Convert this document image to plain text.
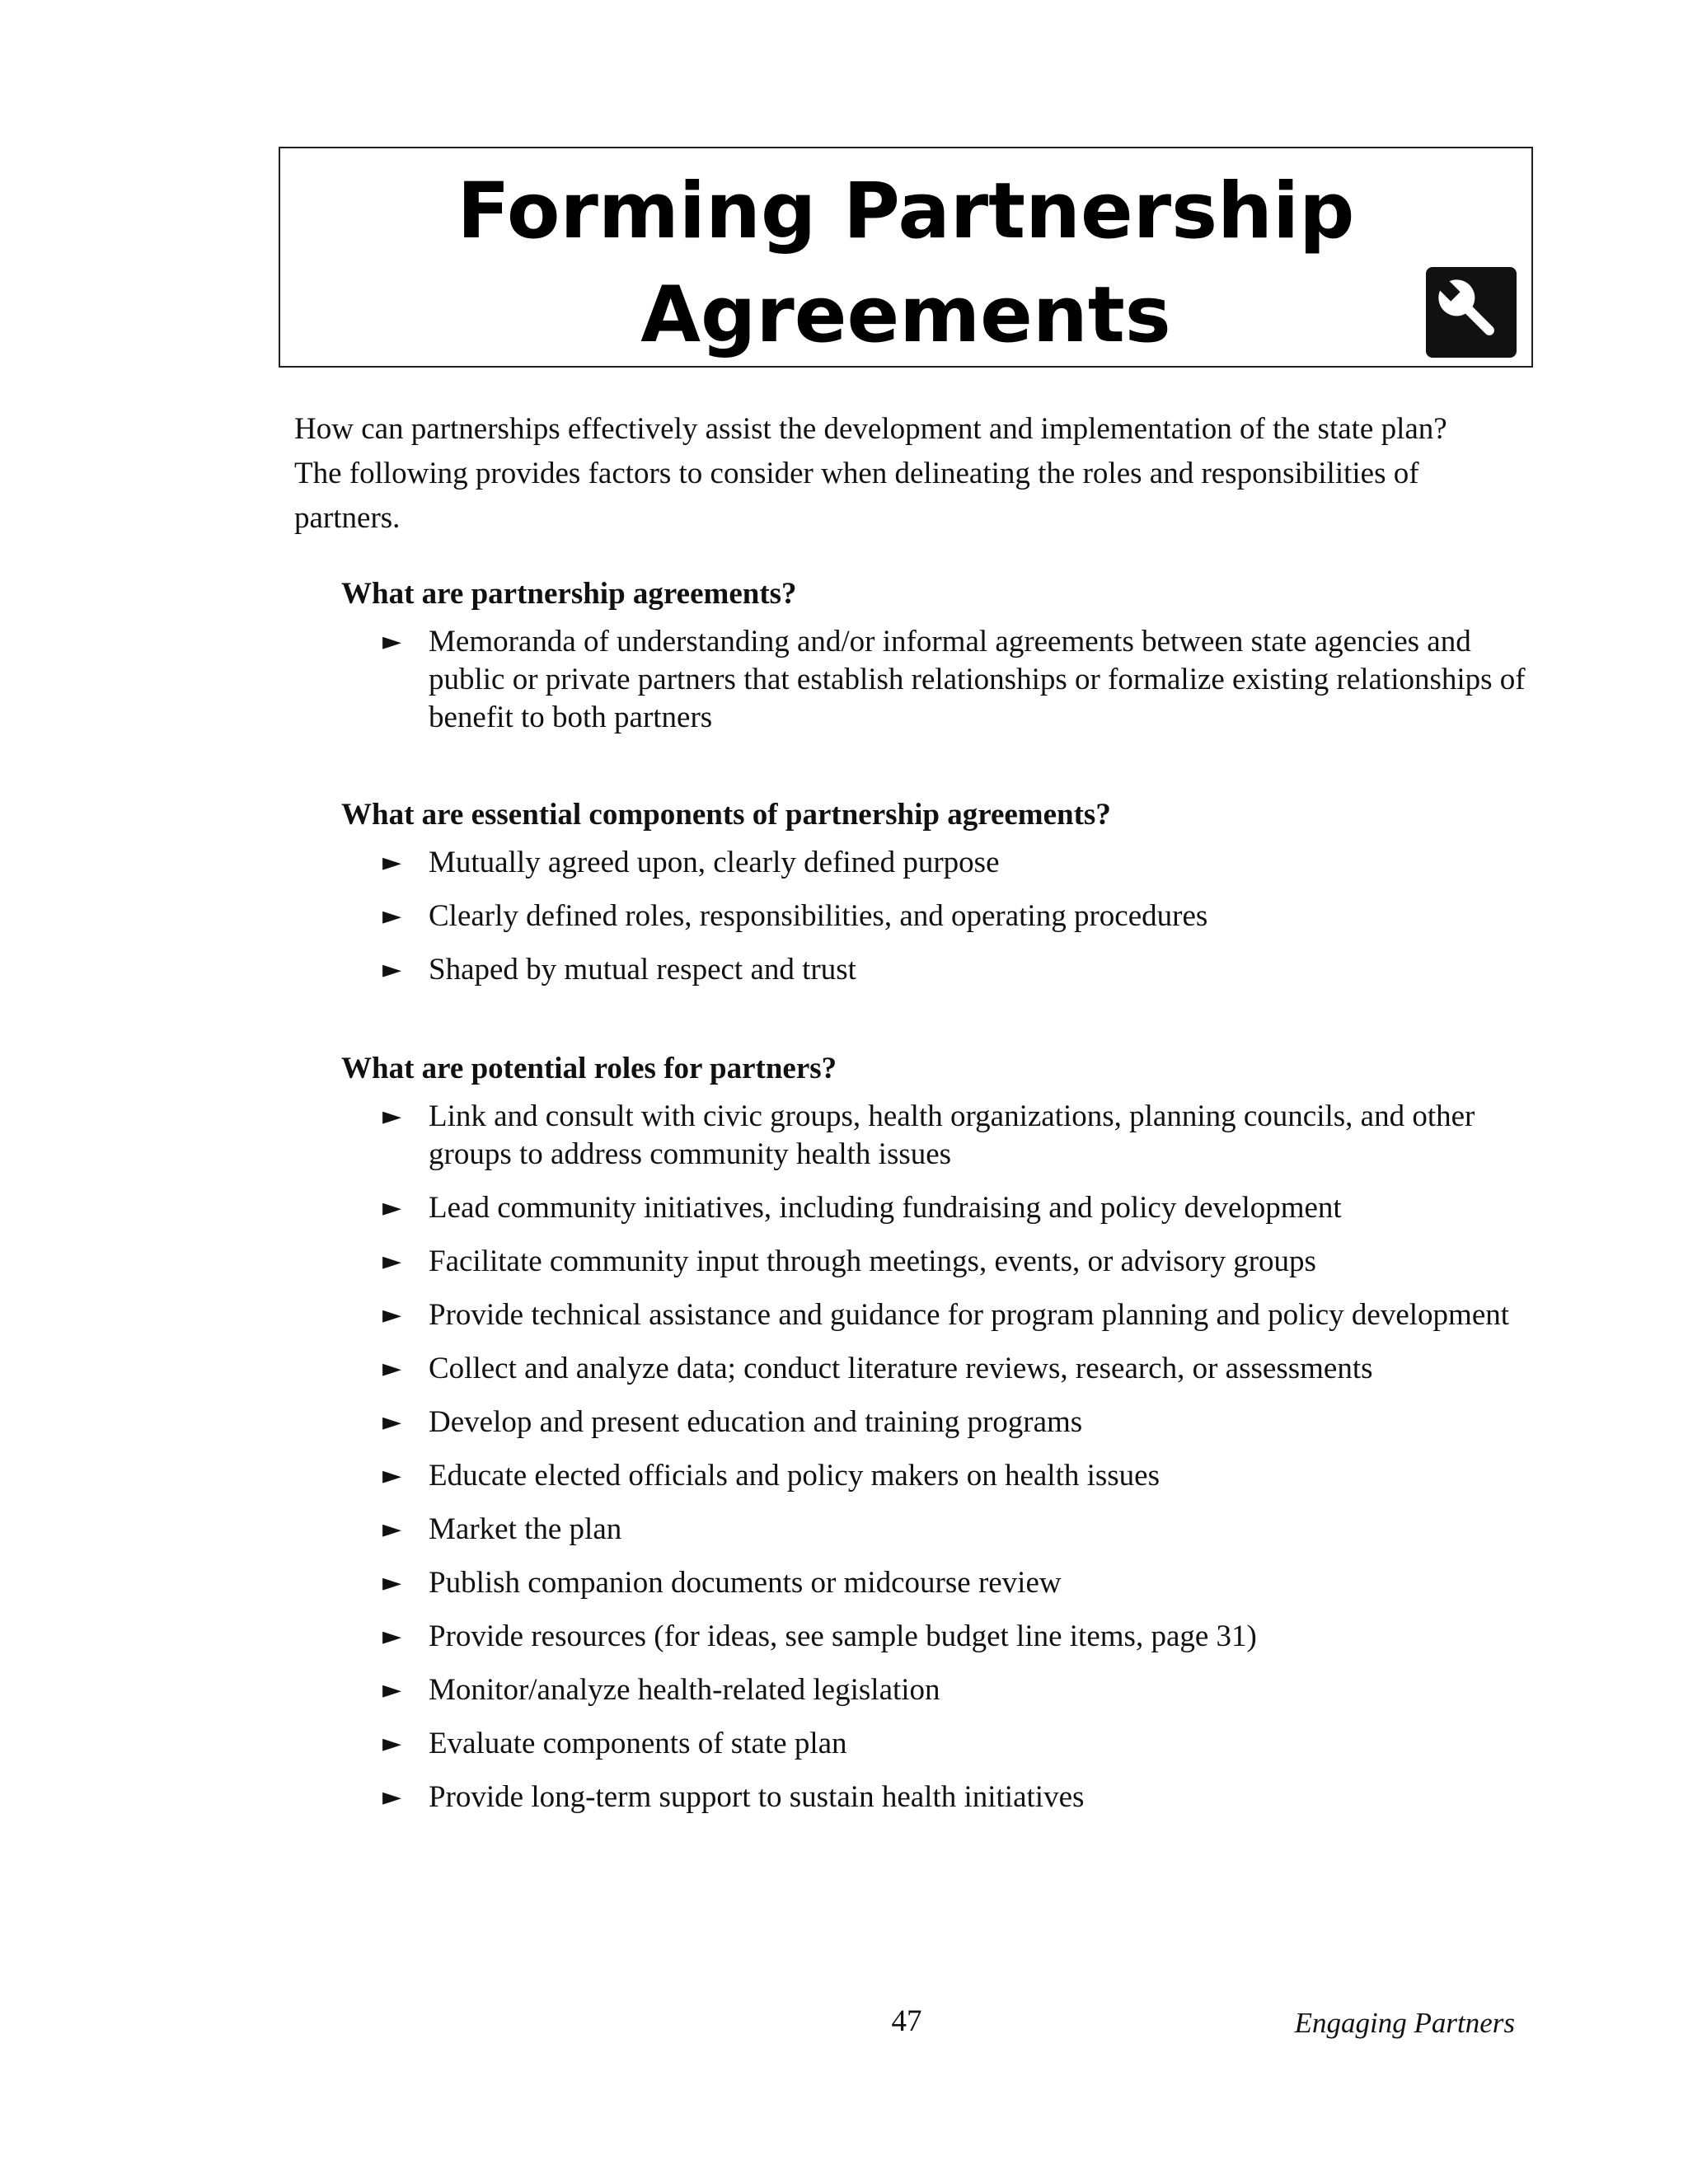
Forming Partnership
Agreements

How can partnerships effectively assist the development and implementation of the state plan? The following provides factors to consider when delineating the roles and responsibilities of partners.

What are partnership agreements?
► Memoranda of understanding and/or informal agreements between state agencies and public or private partners that establish relationships or formalize existing relationships of benefit to both partners
What are essential components of partnership agreements?
► Mutually agreed upon, clearly defined purpose
► Clearly defined roles, responsibilities, and operating procedures
► Shaped by mutual respect and trust
What are potential roles for partners?
► Link and consult with civic groups, health organizations, planning councils, and other groups to address community health issues
► Lead community initiatives, including fundraising and policy development
► Facilitate community input through meetings, events, or advisory groups
► Provide technical assistance and guidance for program planning and policy development
► Collect and analyze data; conduct literature reviews, research, or assessments
► Develop and present education and training programs
► Educate elected officials and policy makers on health issues
► Market the plan
► Publish companion documents or midcourse review
► Provide resources (for ideas, see sample budget line items, page 31)
► Monitor/analyze health-related legislation
► Evaluate components of state plan
► Provide long-term support to sustain health initiatives
47	Engaging Partners
